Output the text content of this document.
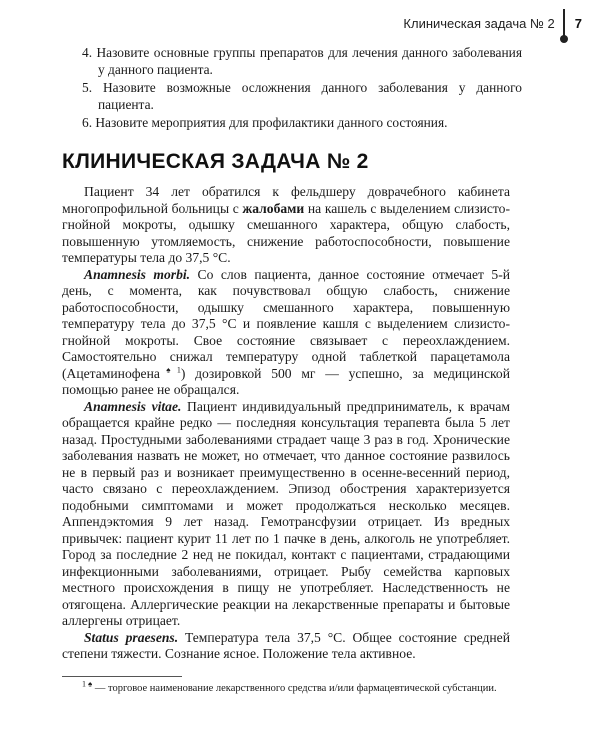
Клиническая задача № 2	7
4. Назовите основные группы препаратов для лечения данного заболевания у данного пациента.
5. Назовите возможные осложнения данного заболевания у данного пациента.
6. Назовите мероприятия для профилактики данного состояния.
КЛИНИЧЕСКАЯ ЗАДАЧА № 2

Пациент 34 лет обратился к фельдшеру доврачебного кабинета многопрофильной больницы с жалобами на кашель с выделением слизисто-гнойной мокроты, одышку смешанного характера, общую слабость, повышенную утомляемость, снижение работоспособности, повышение температуры тела до 37,5 °С.

Anamnesis morbi. Со слов пациента, данное состояние отмечает 5-й день, с момента, как почувствовал общую слабость, снижение работоспособности, одышку смешанного характера, повышенную температуру тела до 37,5 °С и появление кашля с выделением слизисто-гнойной мокроты. Свое состояние связывает с переохлаждением. Самостоятельно снижал температуру одной таблеткой парацетамола (Ацетаминофена$^{♠1}$) дозировкой 500 мг — успешно, за медицинской помощью ранее не обращался.

Anamnesis vitae. Пациент индивидуальный предприниматель, к врачам обращается крайне редко — последняя консультация терапевта была 5 лет назад. Простудными заболеваниями страдает чаще 3 раз в год. Хронические заболевания назвать не может, но отмечает, что данное состояние развилось не в первый раз и возникает преимущественно в осенне-весенний период, часто связано с переохлаждением. Эпизод обострения характеризуется подобными симптомами и может продолжаться несколько месяцев. Аппендэктомия 9 лет назад. Гемотрансфузии отрицает. Из вредных привычек: пациент курит 11 лет по 1 пачке в день, алкоголь не употребляет. Город за последние 2 нед не покидал, контакт с пациентами, страдающими инфекционными заболеваниями, отрицает. Рыбу семейства карповых местного происхождения в пищу не употребляет. Наследственность не отягощена. Аллергические реакции на лекарственные препараты и бытовые аллергены отрицает.

Status praesens. Температура тела 37,5 °С. Общее состояние средней степени тяжести. Сознание ясное. Положение тела активное.

$^{1 ♠}$ — торговое наименование лекарственного средства и/или фармацевтической субстанции.
